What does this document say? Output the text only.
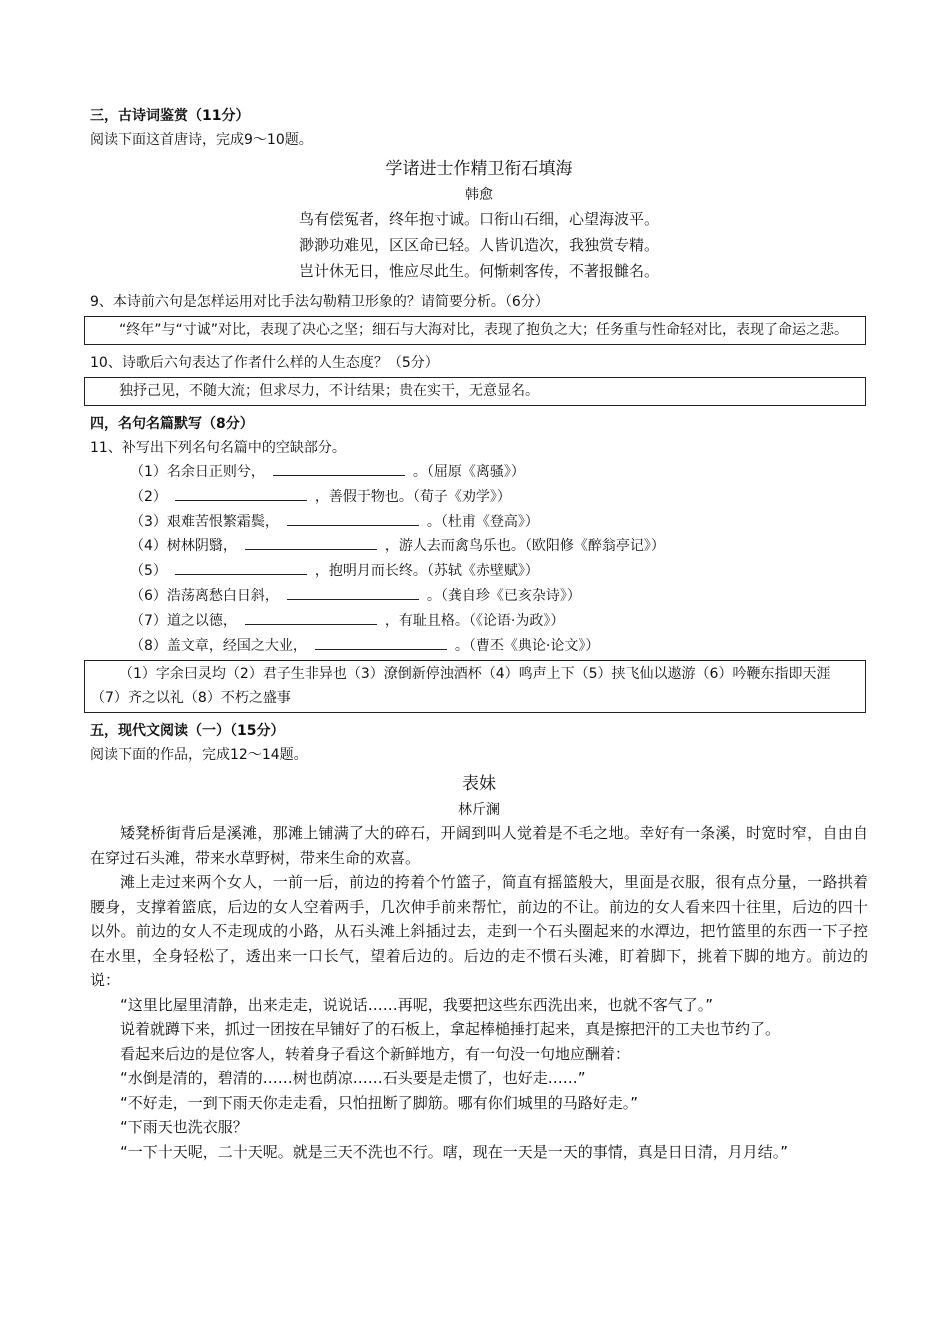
三，古诗词鉴赏（11分）
阅读下面这首唐诗，完成9～10题。
学诸进士作精卫衔石填海
韩愈
鸟有偿冤者，终年抱寸诚。口衔山石细，心望海波平。
渺渺功难见，区区命已轻。人皆讥造次，我独赏专精。
岂计休无日，惟应尽此生。何惭刺客传，不著报雠名。
9、本诗前六句是怎样运用对比手法勾勒精卫形象的？请简要分析。（6分）
“终年”与“寸诚”对比，表现了决心之坚；细石与大海对比，表现了抱负之大；任务重与性命轻对比，表现了命运之悲。
10、诗歌后六句表达了作者什么样的人生态度？（5分）
独抒己见，不随大流；但求尽力，不计结果；贵在实干，无意显名。
四，名句名篇默写（8分）
11、补写出下列名句名篇中的空缺部分。
（1）名余日正则兮，	。（屈原《离骚》）
（2）	，善假于物也。（荀子《劝学》）
（3）艰难苦恨繁霜鬓，	。（杜甫《登高》）
（4）树林阴翳，	，游人去而禽鸟乐也。（欧阳修《醉翁亭记》）
（5）	，抱明月而长终。（苏轼《赤壁赋》）
（6）浩荡离愁白日斜，	。（龚自珍《已亥杂诗》）
（7）道之以德，	，有耻且格。（《论语·为政》）
（8）盖文章，经国之大业，	。（曹丕《典论·论文》）
（1）字余曰灵均（2）君子生非异也（3）潦倒新停浊酒杯（4）鸣声上下（5）挟飞仙以遨游（6）吟鞭东指即天涯（7）齐之以礼（8）不朽之盛事
五，现代文阅读（一）（15分）
阅读下面的作品，完成12～14题。
表妹
林斤澜
矮凳桥街背后是溪滩，那滩上铺满了大的碎石，开阔到叫人觉着是不毛之地。幸好有一条溪，时宽时窄，自由自在穿过石头滩，带来水草野树，带来生命的欢喜。
滩上走过来两个女人，一前一后，前边的挎着个竹篮子，简直有摇篮般大，里面是衣服，很有点分量，一路拱着腰身，支撑着篮底，后边的女人空着两手，几次伸手前来帮忙，前边的不让。前边的女人看来四十往里，后边的四十以外。前边的女人不走现成的小路，从石头滩上斜插过去，走到一个石头圈起来的水潭边，把竹篮里的东西一下子控在水里，全身轻松了，透出来一口长气，望着后边的。后边的走不惯石头滩，盯着脚下，挑着下脚的地方。前边的说：
“这里比屋里清静，出来走走，说说话……再呢，我要把这些东西洗出来，也就不客气了。”
说着就蹲下来，抓过一团按在早铺好了的石板上，拿起棒槌捶打起来，真是擦把汗的工夫也节约了。
看起来后边的是位客人，转着身子看这个新鲜地方，有一句没一句地应酬着：
“水倒是清的，碧清的……树也荫凉……石头要是走惯了，也好走……”
“不好走，一到下雨天你走走看，只怕扭断了脚筋。哪有你们城里的马路好走。”
“下雨天也洗衣服？
“一下十天呢，二十天呢。就是三天不洗也不行。嗐，现在一天是一天的事情，真是日日清，月月结。”
